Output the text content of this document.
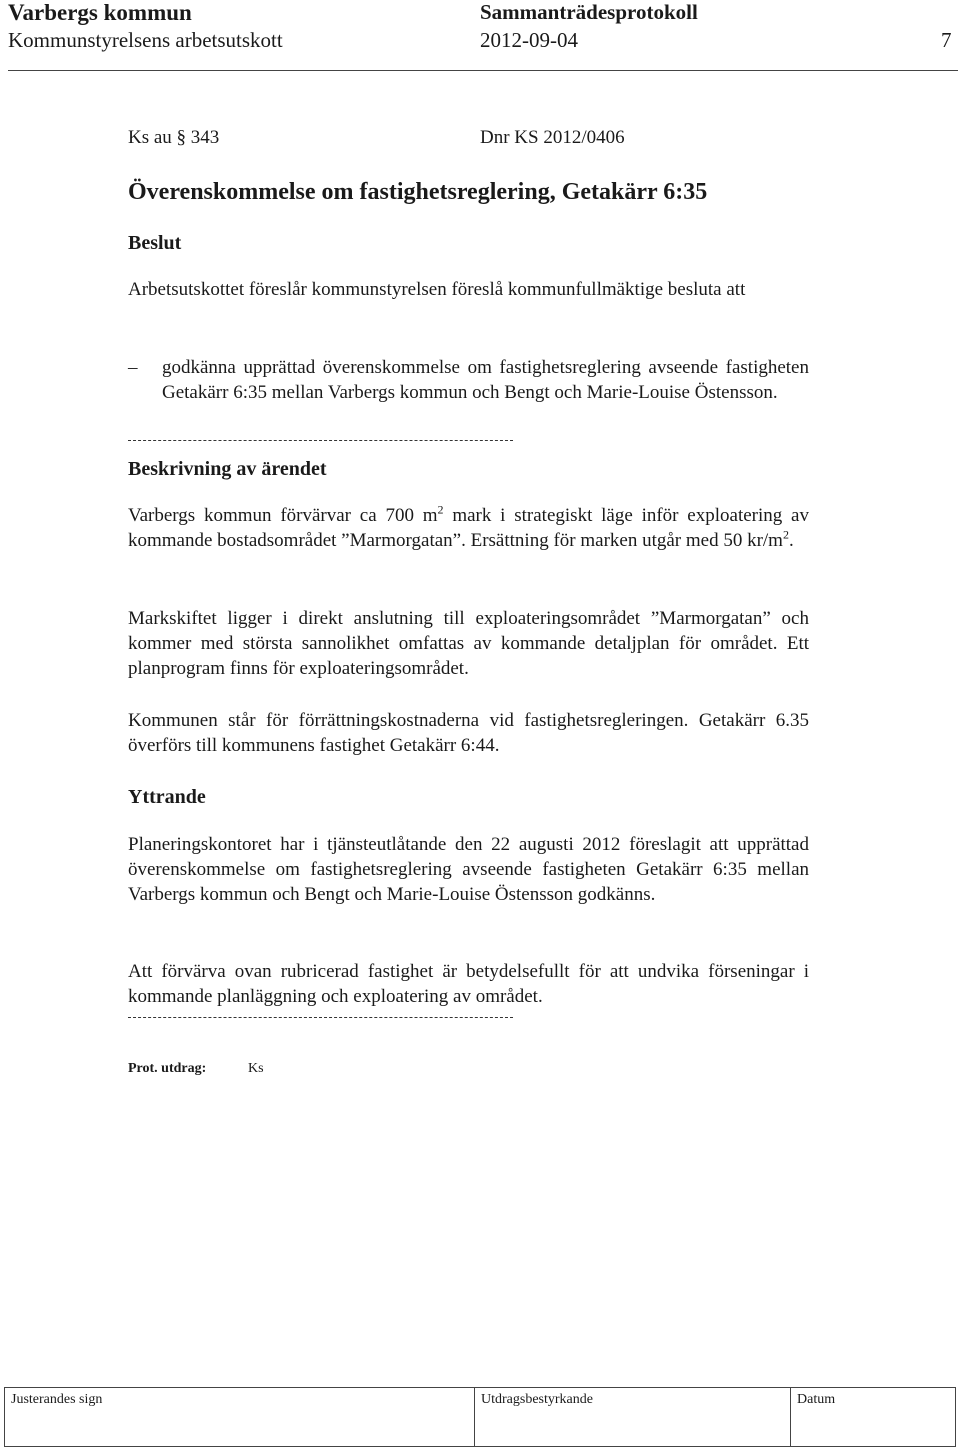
Varbergs kommun
Kommunstyrelsens arbetsutskott
Sammanträdesprotokoll
2012-09-04	7
Ks au § 343	Dnr KS 2012/0406
Överenskommelse om fastighetsreglering, Getakärr 6:35
Beslut
Arbetsutskottet föreslår kommunstyrelsen föreslå kommunfullmäktige besluta att
– godkänna upprättad överenskommelse om fastighetsreglering avseende fastigheten Getakärr 6:35 mellan Varbergs kommun och Bengt och Marie-Louise Östensson.
Beskrivning av ärendet
Varbergs kommun förvärvar ca 700 $m^2$ mark i strategiskt läge inför exploatering av kommande bostadsområdet ”Marmorgatan”. Ersättning för marken utgår med 50 $kr/m^2$.
Markskiftet ligger i direkt anslutning till exploateringsområdet ”Marmorgatan” och kommer med största sannolikhet omfattas av kommande detaljplan för området. Ett planprogram finns för exploateringsområdet.
Kommunen står för förrättningskostnaderna vid fastighetsregleringen. Getakärr 6.35 överförs till kommunens fastighet Getakärr 6:44.
Yttrande
Planeringskontoret har i tjänsteutlåtande den 22 augusti 2012 föreslagit att upprättad överenskommelse om fastighetsreglering avseende fastigheten Getakärr 6:35 mellan Varbergs kommun och Bengt och Marie-Louise Östensson godkänns.
Att förvärva ovan rubricerad fastighet är betydelsefullt för att undvika förseningar i kommande planläggning och exploatering av området.
Prot. utdrag:	Ks
Justerandes sign	Utdragsbestyrkande	Datum
